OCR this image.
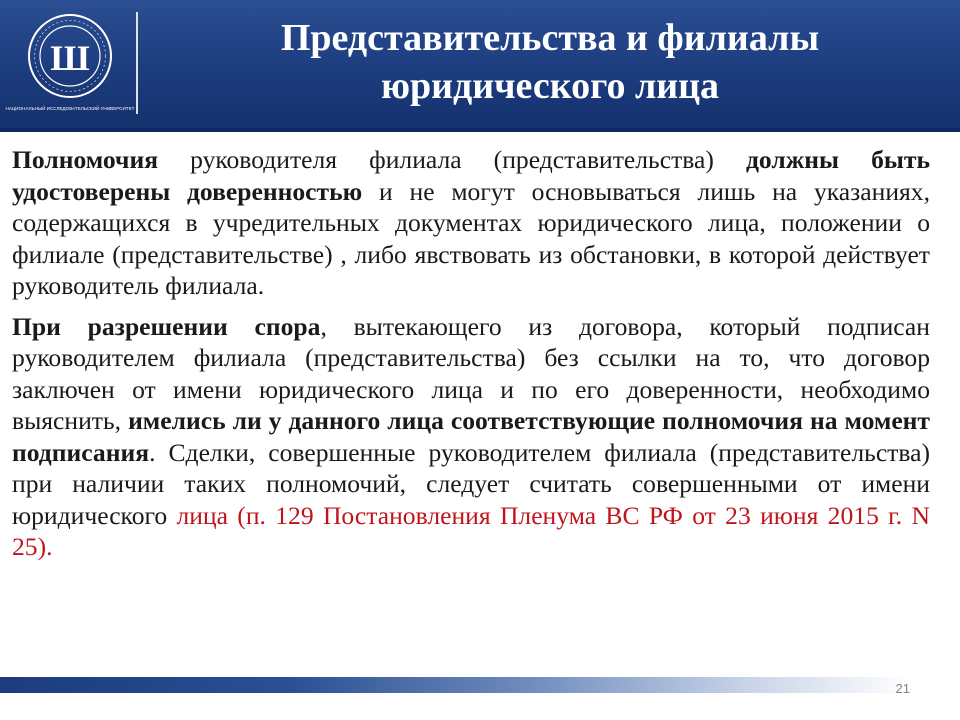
Ш
НАЦИОНАЛЬНЫЙ ИССЛЕДОВАТЕЛЬСКИЙ УНИВЕРСИТЕТ
Представительства и филиалы
юридического лица

Полномочия руководителя филиала (представительства) должны быть удостоверены доверенностью и не могут основываться лишь на указаниях, содержащихся в учредительных документах юридического лица, положении о филиале (представительстве) , либо явствовать из обстановки, в которой действует руководитель филиала.

При разрешении спора, вытекающего из договора, который подписан руководителем филиала (представительства) без ссылки на то, что договор заключен от имени юридического лица и по его доверенности, необходимо выяснить, имелись ли у данного лица соответствующие полномочия на момент подписания. Сделки, совершенные руководителем филиала (представительства) при наличии таких полномочий, следует считать совершенными от имени юридического лица (п. 129 Постановления Пленума ВС РФ от 23 июня 2015 г. N 25).

21
